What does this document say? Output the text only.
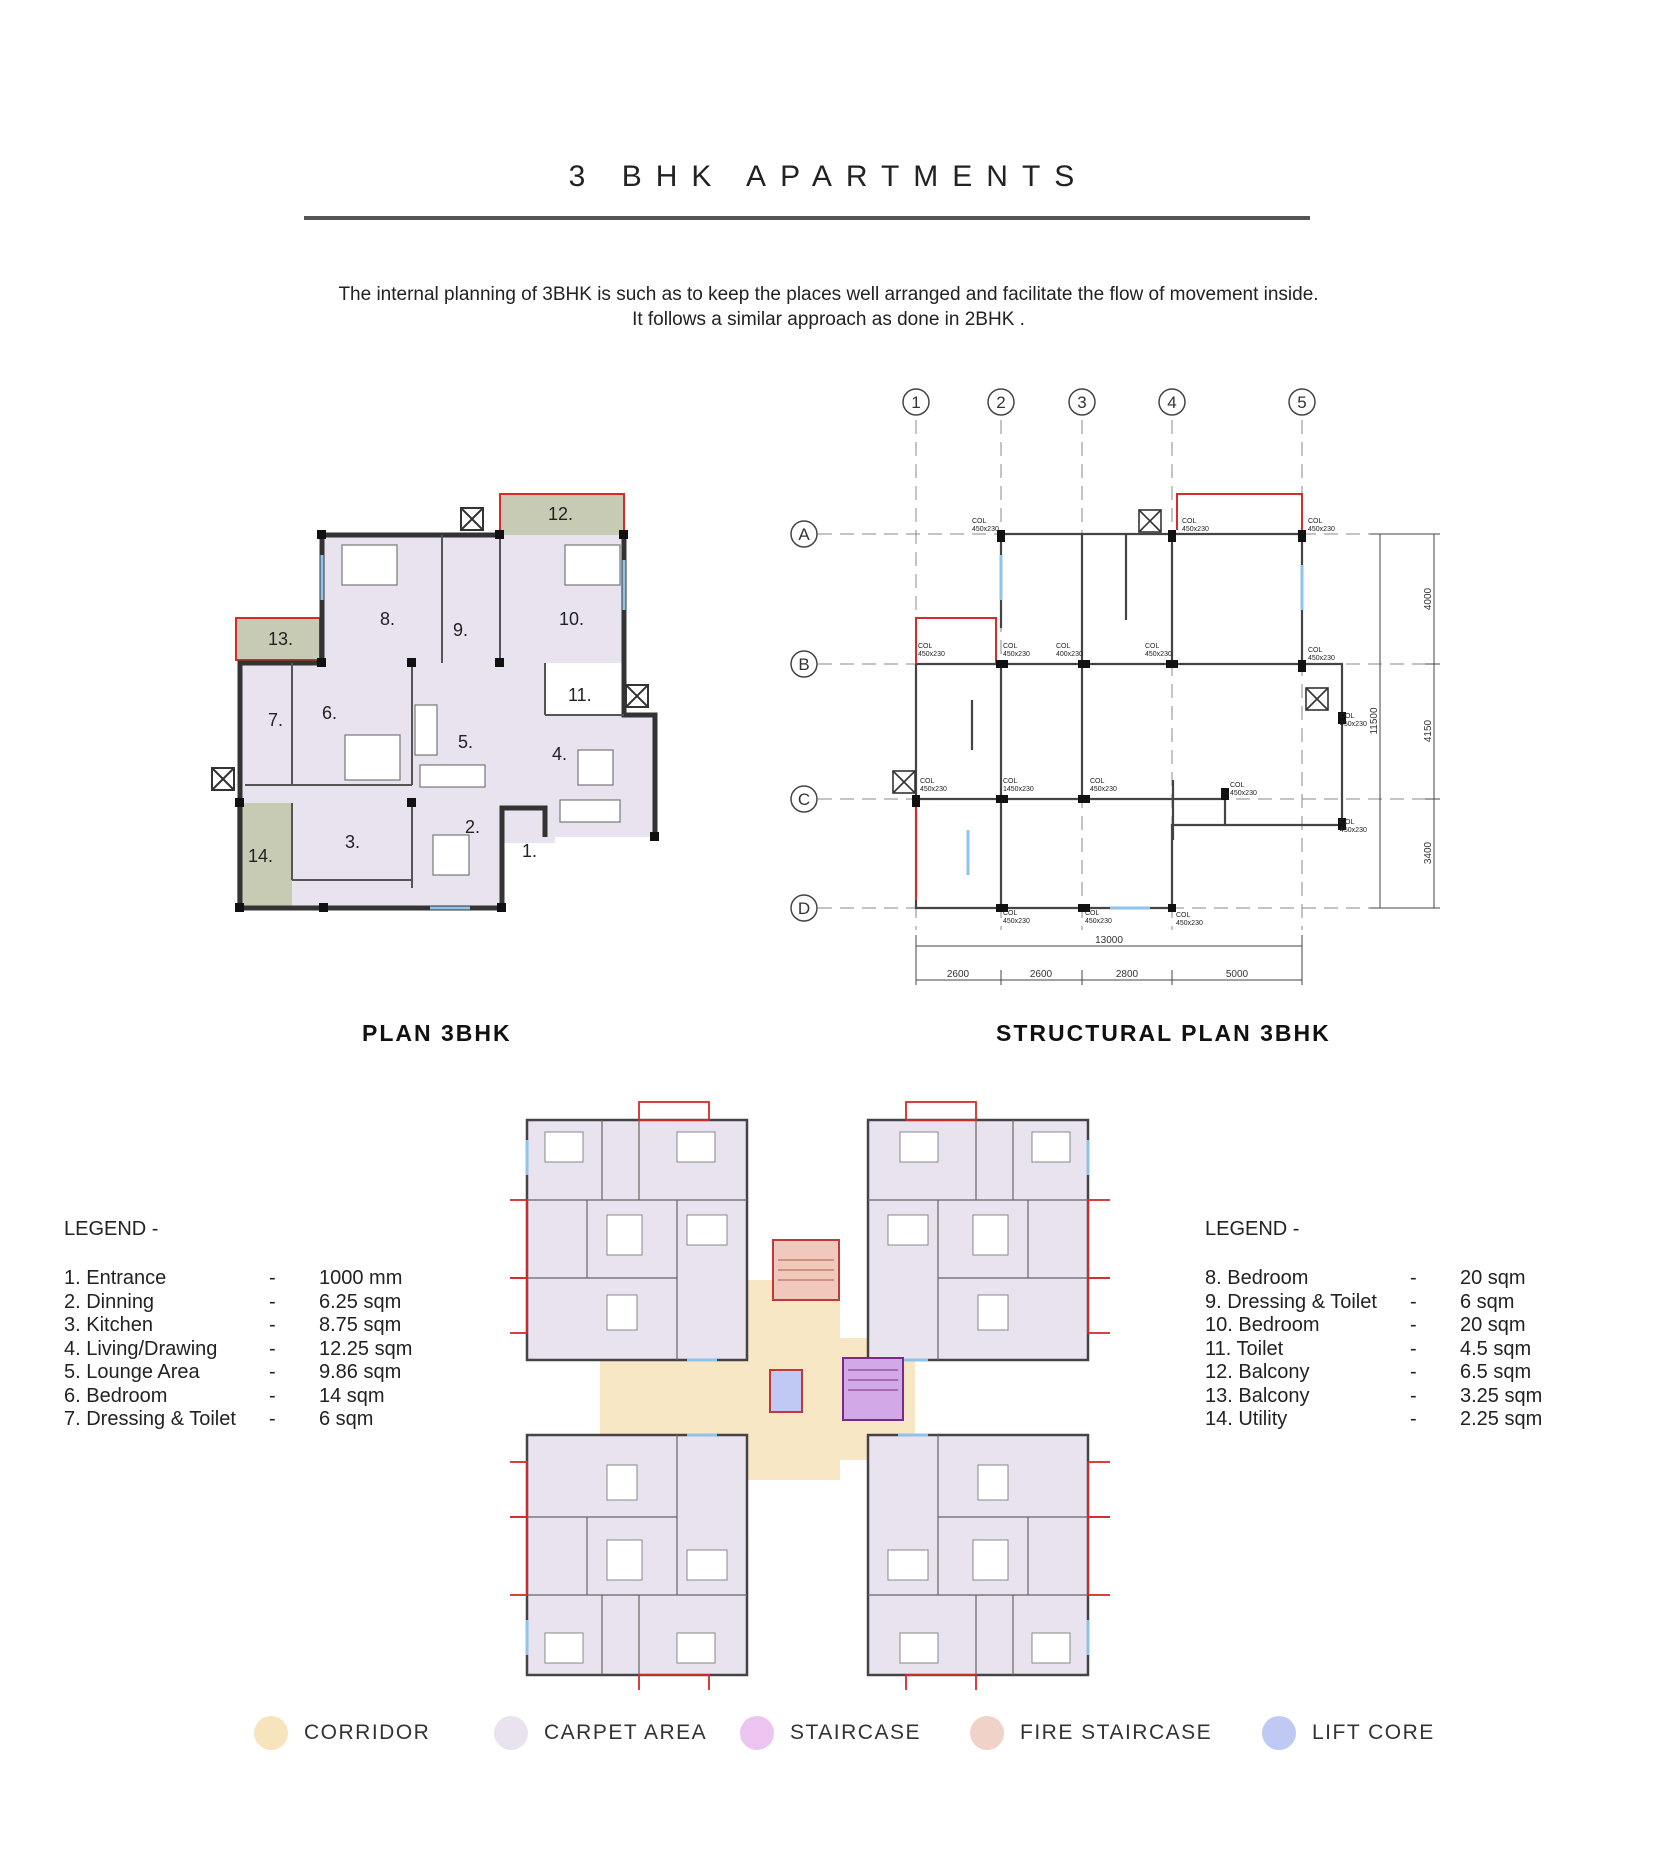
3 BHK APARTMENTS
The internal planning of 3BHK is such as to keep the places well arranged and facilitate the flow of movement inside.
It follows a similar approach as done in 2BHK .
1.
2.
3.
4.
5.
6.
7.
8.
9.
10.
11.
12.
13.
14.
PLAN 3BHK
1	2	3	4	5
A
B
C
D
COL
450x230
COL
450x230
COL
450x230
COL
450x230
COL
450x230
COL
400x230
COL
450x230
COL
450x230
COL
450x230
COL
450x230
COL
1450x230
COL
450x230
COL
450x230
COL
450x230
COL
450x230
COL
450x230
COL
450x230
13000
2600	2600	2800	5000
11500
4000
4150
3400
STRUCTURAL PLAN 3BHK
LEGEND -
1. Entrance	- 1000 mm
2. Dinning	- 6.25 sqm
3. Kitchen	- 8.75 sqm
4. Living/Drawing	- 12.25 sqm
5. Lounge Area	- 9.86 sqm
6. Bedroom	- 14 sqm
7. Dressing & Toilet - 6 sqm
LEGEND -
8. Bedroom	- 20 sqm
9. Dressing & Toilet - 6 sqm
10. Bedroom	- 20 sqm
11. Toilet	- 4.5 sqm
12. Balcony	- 6.5 sqm
13. Balcony	- 3.25 sqm
14. Utility	- 2.25 sqm
CORRIDOR	CARPET AREA	STAIRCASE	FIRE STAIRCASE	LIFT CORE
